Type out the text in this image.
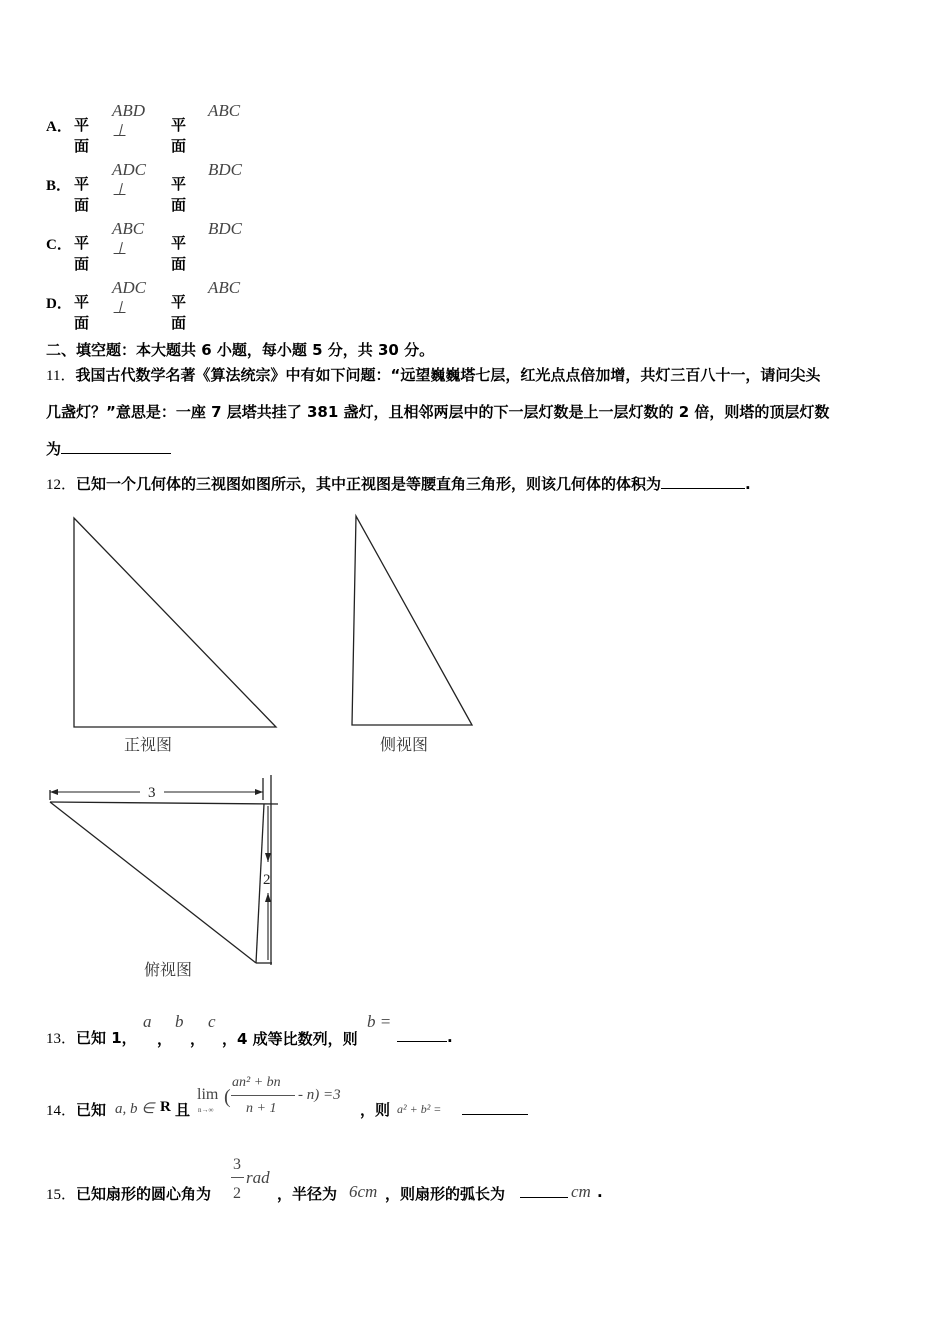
A． 平面
ABD ⊥	平面
ABC
B． 平面
ADC ⊥	平面
BDC
C． 平面
ABC ⊥	平面
BDC
D． 平面
ADC ⊥	平面
ABC
二、填空题：本大题共 6 小题，每小题 5 分，共 30 分。
11．我国古代数学名著《算法统宗》中有如下问题：“远望巍巍塔七层，红光点点倍加增，共灯三百八十一，请问尖头
几盏灯？”意思是：一座 7 层塔共挂了 381 盏灯，且相邻两层中的下一层灯数是上一层灯数的 2 倍，则塔的顶层灯数
为
12．已知一个几何体的三视图如图所示，其中正视图是等腰直角三角形，则该几何体的体积为	.
3
2
正视图	侧视图
俯视图
13．已知 1，
a
，
b
，
c
，4 成等比数列，则
b =
.
14．已知 a, b ∈ R 且
lim
n→∞
(
an² + bn
n + 1
- n) =3
，则 a² + b² =
15．已知扇形的圆心角为
3
2
rad
，半径为 6cm ，则扇形的弧长为	cm .
